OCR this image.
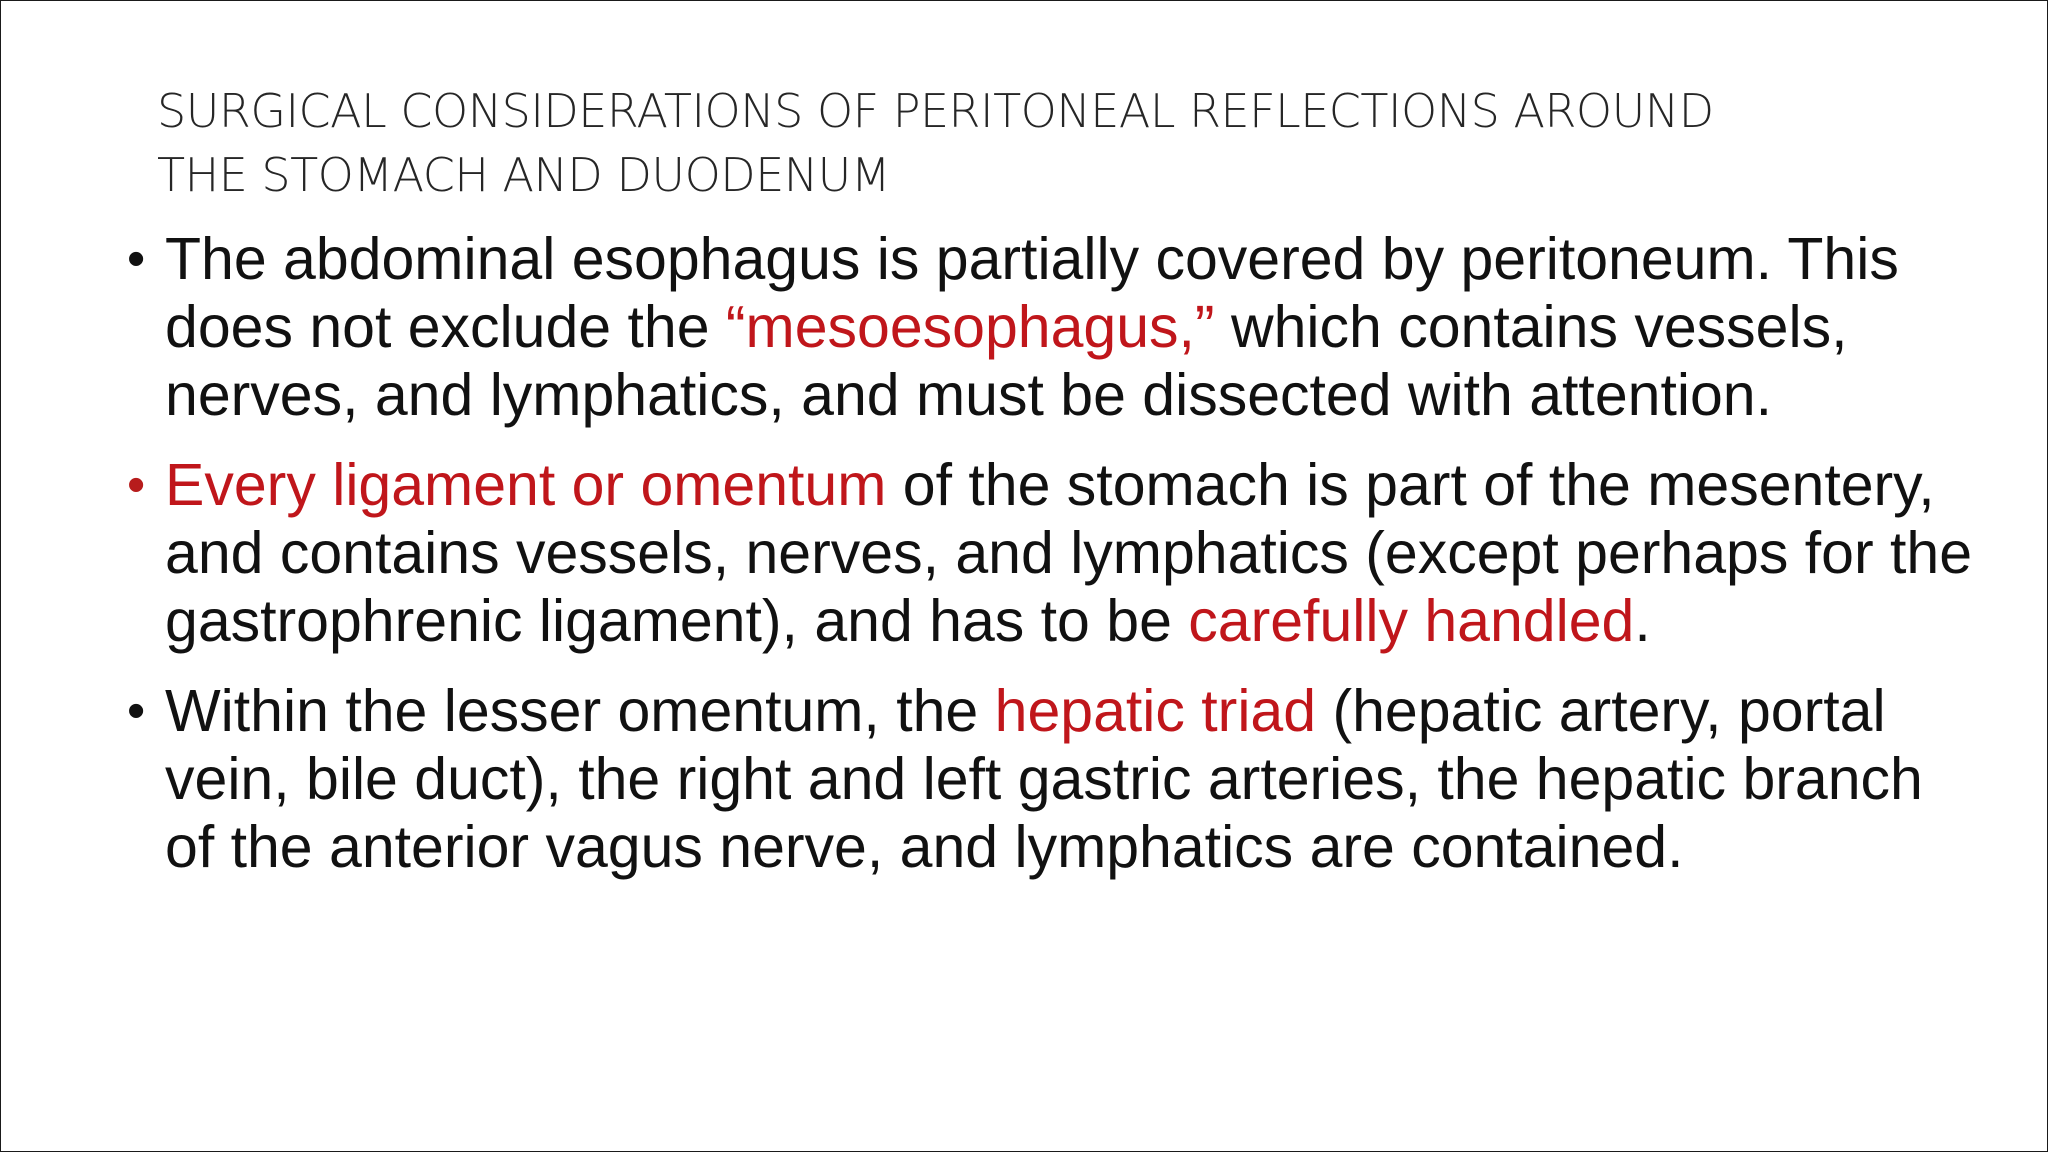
SURGICAL CONSIDERATIONS OF PERITONEAL REFLECTIONS AROUND
THE STOMACH AND DUODENUM
• The abdominal esophagus is partially covered by peritoneum. This does not exclude the “mesoesophagus,” which contains vessels, nerves, and lymphatics, and must be dissected with attention.
• Every ligament or omentum of the stomach is part of the mesentery, and contains vessels, nerves, and lymphatics (except perhaps for the gastrophrenic ligament), and has to be carefully handled.
• Within the lesser omentum, the hepatic triad (hepatic artery, portal vein, bile duct), the right and left gastric arteries, the hepatic branch of the anterior vagus nerve, and lymphatics are contained.
